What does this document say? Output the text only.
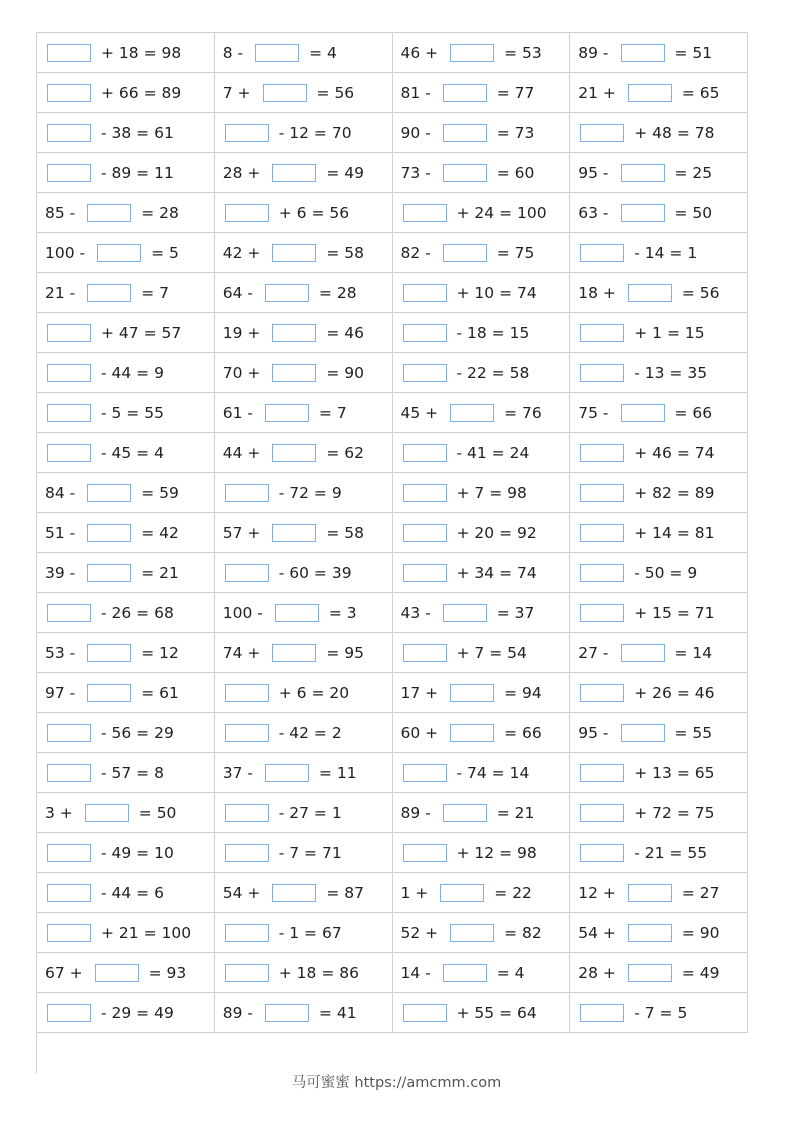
+ 18 = 98	8 - = 4	46 + = 53	89 - = 51
+ 66 = 89	7 + = 56	81 - = 77	21 + = 65
- 38 = 61	- 12 = 70	90 - = 73	+ 48 = 78
- 89 = 11	28 + = 49	73 - = 60	95 - = 25
85 - = 28	+ 6 = 56	+ 24 = 100	63 - = 50
100 - = 5	42 + = 58	82 - = 75	- 14 = 1
21 - = 7	64 - = 28	+ 10 = 74	18 + = 56
+ 47 = 57	19 + = 46	- 18 = 15	+ 1 = 15
- 44 = 9	70 + = 90	- 22 = 58	- 13 = 35
- 5 = 55	61 - = 7	45 + = 76	75 - = 66
- 45 = 4	44 + = 62	- 41 = 24	+ 46 = 74
84 - = 59	- 72 = 9	+ 7 = 98	+ 82 = 89
51 - = 42	57 + = 58	+ 20 = 92	+ 14 = 81
39 - = 21	- 60 = 39	+ 34 = 74	- 50 = 9
- 26 = 68	100 - = 3	43 - = 37	+ 15 = 71
53 - = 12	74 + = 95	+ 7 = 54	27 - = 14
97 - = 61	+ 6 = 20	17 + = 94	+ 26 = 46
- 56 = 29	- 42 = 2	60 + = 66	95 - = 55
- 57 = 8	37 - = 11	- 74 = 14	+ 13 = 65
3 + = 50	- 27 = 1	89 - = 21	+ 72 = 75
- 49 = 10	- 7 = 71	+ 12 = 98	- 21 = 55
- 44 = 6	54 + = 87	1 + = 22	12 + = 27
+ 21 = 100	- 1 = 67	52 + = 82	54 + = 90
67 + = 93	+ 18 = 86	14 - = 4	28 + = 49
- 29 = 49	89 - = 41	+ 55 = 64	- 7 = 5
马可蜜蜜 https://amcmm.com
